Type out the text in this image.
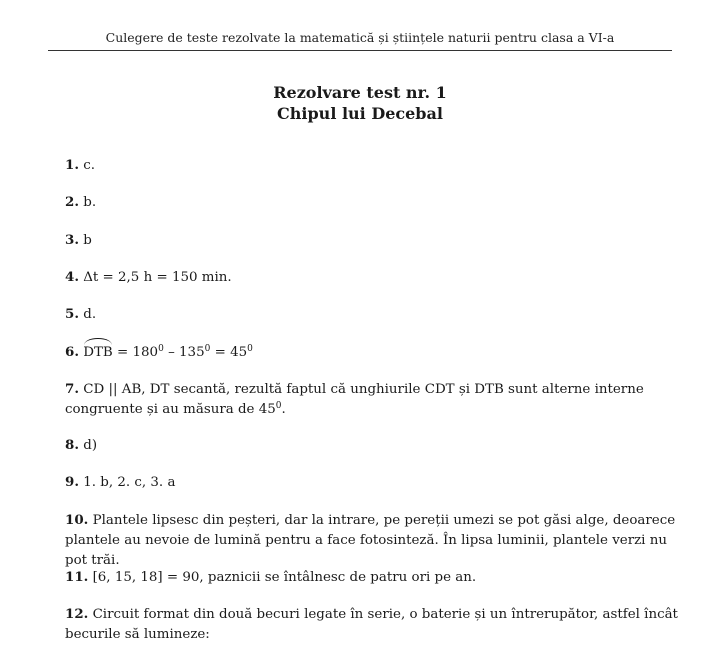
Culegere de teste rezolvate la matematică și științele naturii pentru clasa a VI-a
Rezolvare test nr. 1
Chipul lui Decebal
1. c.
2. b.
3. b
4. Δt = 2,5 h = 150 min.
5. d.
6. DTB = $180^0 - 135^0 = 45^0$
7. CD || AB, DT secantă, rezultă faptul că unghiurile CDT și DTB sunt alterne interne congruente și au măsura de $45^0$.
8. d)
9. 1. b, 2. c, 3. a
10. Plantele lipsesc din peșteri, dar la intrare, pe pereții umezi se pot găsi alge, deoarece plantele au nevoie de lumină pentru a face fotosinteză. În lipsa luminii, plantele verzi nu pot trăi.
11. [6, 15, 18] = 90, paznicii se întâlnesc de patru ori pe an.
12. Circuit format din două becuri legate în serie, o baterie și un întrerupător, astfel încât becurile să lumineze:
